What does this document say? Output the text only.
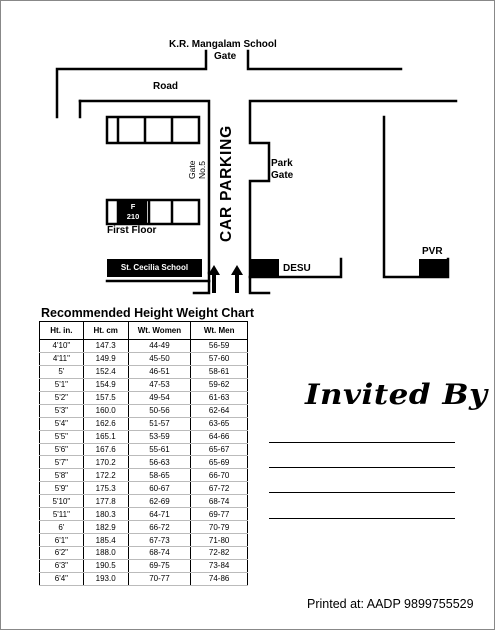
K.R. Mangalam School
Gate
Road
Gate No.5 CAR PARKING	Park
Gate
F
210
First Floor
St. Cecilia School	DESU
PVR
Recommended Height Weight Chart
Ht. in.	Ht. cm	Wt. Women	Wt. Men
4'10"	147.3	44-49	56-59
4'11"	149.9	45-50	57-60
5'	152.4	46-51	58-61
5'1"	154.9	47-53	59-62
5'2"	157.5	49-54	61-63
5'3"	160.0	50-56	62-64
5'4"	162.6	51-57	63-65
5'5"	165.1	53-59	64-66
5'6"	167.6	55-61	65-67
5'7"	170.2	56-63	65-69
5'8"	172.2	58-65	66-70
5'9"	175.3	60-67	67-72
5'10"	177.8	62-69	68-74
5'11"	180.3	64-71	69-77
6'	182.9	66-72	70-79
6'1"	185.4	67-73	71-80
6'2"	188.0	68-74	72-82
6'3"	190.5	69-75	73-84
6'4"	193.0	70-77	74-86
Invited By
Printed at: AADP 9899755529
